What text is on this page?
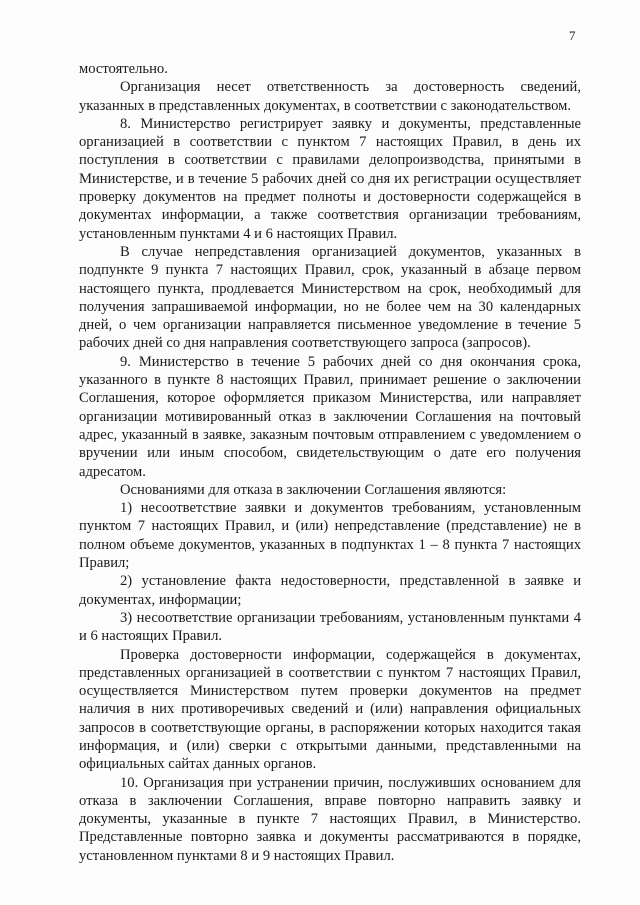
7

мостоятельно.

Организация несет ответственность за достоверность сведений, указанных в представленных документах, в соответствии с законодательством.

8. Министерство регистрирует заявку и документы, представленные организацией в соответствии с пунктом 7 настоящих Правил, в день их поступления в соответствии с правилами делопроизводства, принятыми в Министерстве, и в течение 5 рабочих дней со дня их регистрации осуществляет проверку документов на предмет полноты и достоверности содержащейся в документах информации, а также соответствия организации требованиям, установленным пунктами 4 и 6 настоящих Правил.

В случае непредставления организацией документов, указанных в подпункте 9 пункта 7 настоящих Правил, срок, указанный в абзаце первом настоящего пункта, продлевается Министерством на срок, необходимый для получения запрашиваемой информации, но не более чем на 30 календарных дней, о чем организации направляется письменное уведомление в течение 5 рабочих дней со дня направления соответствующего запроса (запросов).

9. Министерство в течение 5 рабочих дней со дня окончания срока, указанного в пункте 8 настоящих Правил, принимает решение о заключении Соглашения, которое оформляется приказом Министерства, или направляет организации мотивированный отказ в заключении Соглашения на почтовый адрес, указанный в заявке, заказным почтовым отправлением с уведомлением о вручении или иным способом, свидетельствующим о дате его получения адресатом.

Основаниями для отказа в заключении Соглашения являются:

1) несоответствие заявки и документов требованиям, установленным пунктом 7 настоящих Правил, и (или) непредставление (представление) не в полном объеме документов, указанных в подпунктах 1 – 8 пункта 7 настоящих Правил;

2) установление факта недостоверности, представленной в заявке и документах, информации;

3) несоответствие организации требованиям, установленным пунктами 4 и 6 настоящих Правил.

Проверка достоверности информации, содержащейся в документах, представленных организацией в соответствии с пунктом 7 настоящих Правил, осуществляется Министерством путем проверки документов на предмет наличия в них противоречивых сведений и (или) направления официальных запросов в соответствующие органы, в распоряжении которых находится такая информация, и (или) сверки с открытыми данными, представленными на официальных сайтах данных органов.

10. Организация при устранении причин, послуживших основанием для отказа в заключении Соглашения, вправе повторно направить заявку и документы, указанные в пункте 7 настоящих Правил, в Министерство. Представленные повторно заявка и документы рассматриваются в порядке, установленном пунктами 8 и 9 настоящих Правил.
